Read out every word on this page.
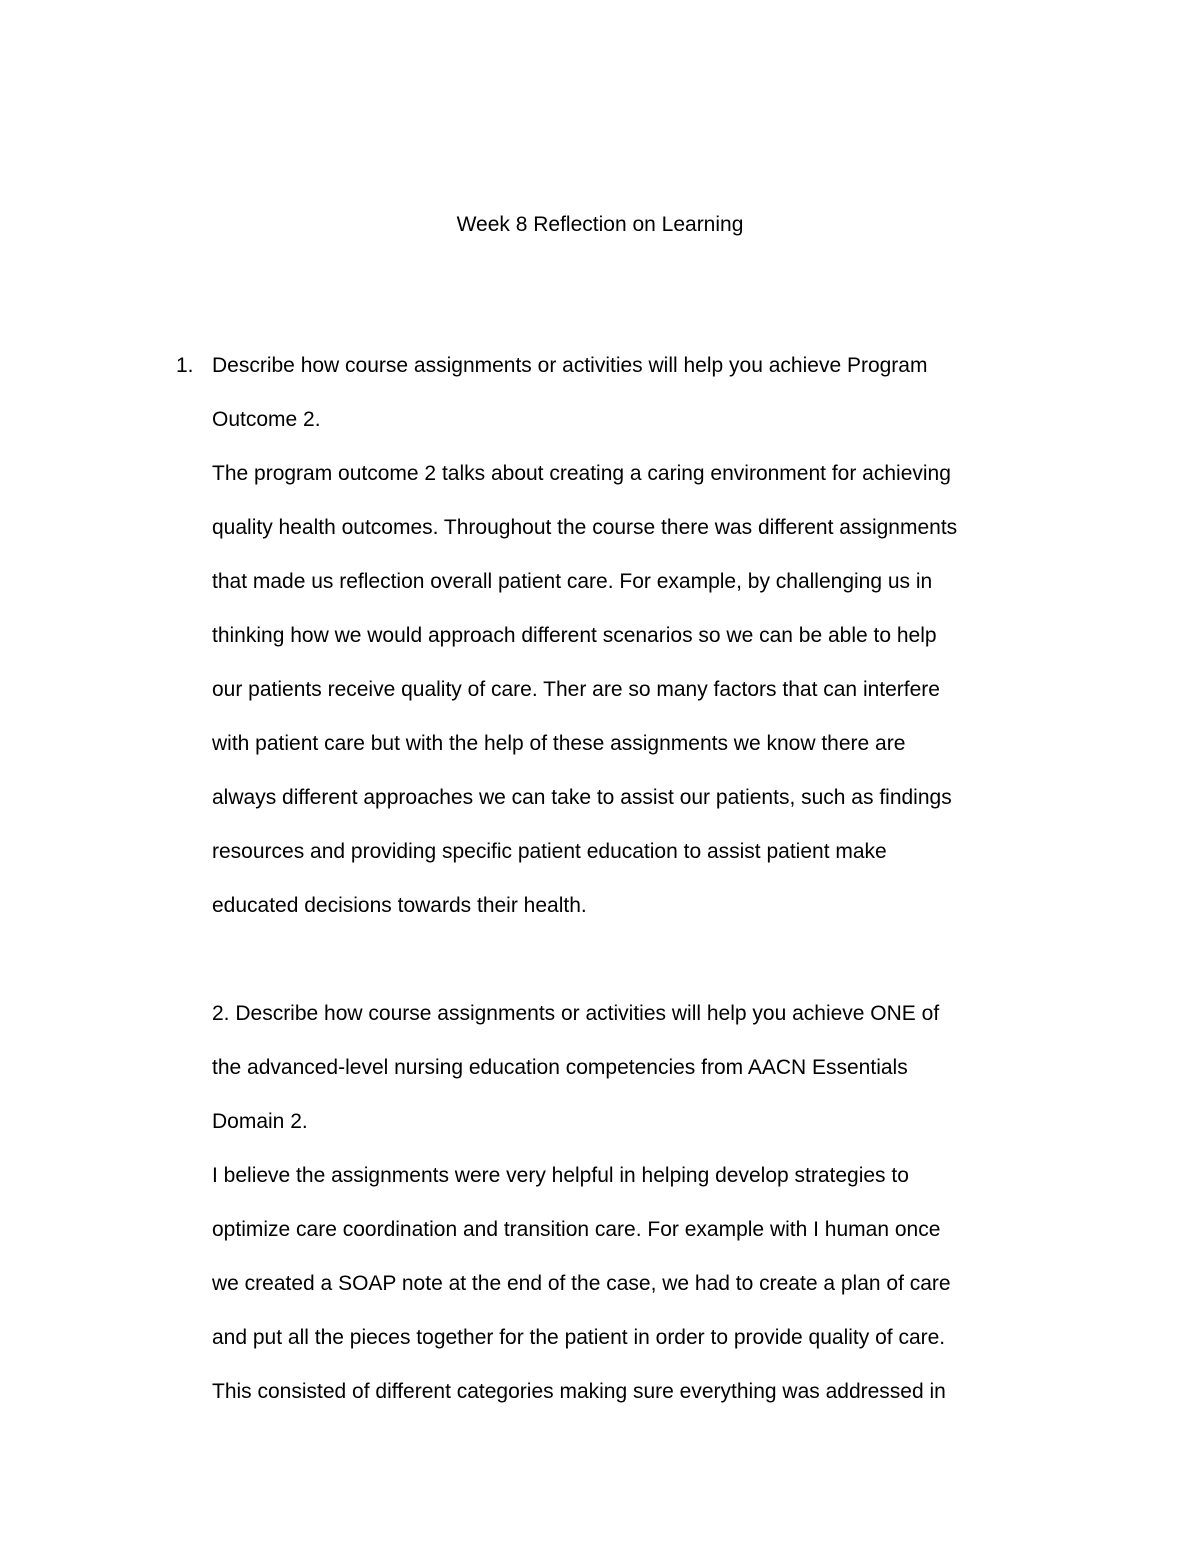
Week 8 Reflection on Learning

1. Describe how course assignments or activities will help you achieve Program

Outcome 2.

The program outcome 2 talks about creating a caring environment for achieving

quality health outcomes. Throughout the course there was different assignments

that made us reflection overall patient care. For example, by challenging us in

thinking how we would approach different scenarios so we can be able to help

our patients receive quality of care. Ther are so many factors that can interfere

with patient care but with the help of these assignments we know there are

always different approaches we can take to assist our patients, such as findings

resources and providing specific patient education to assist patient make

educated decisions towards their health.

2. Describe how course assignments or activities will help you achieve ONE of

the advanced-level nursing education competencies from AACN Essentials

Domain 2.

I believe the assignments were very helpful in helping develop strategies to

optimize care coordination and transition care. For example with I human once

we created a SOAP note at the end of the case, we had to create a plan of care

and put all the pieces together for the patient in order to provide quality of care.

This consisted of different categories making sure everything was addressed in
